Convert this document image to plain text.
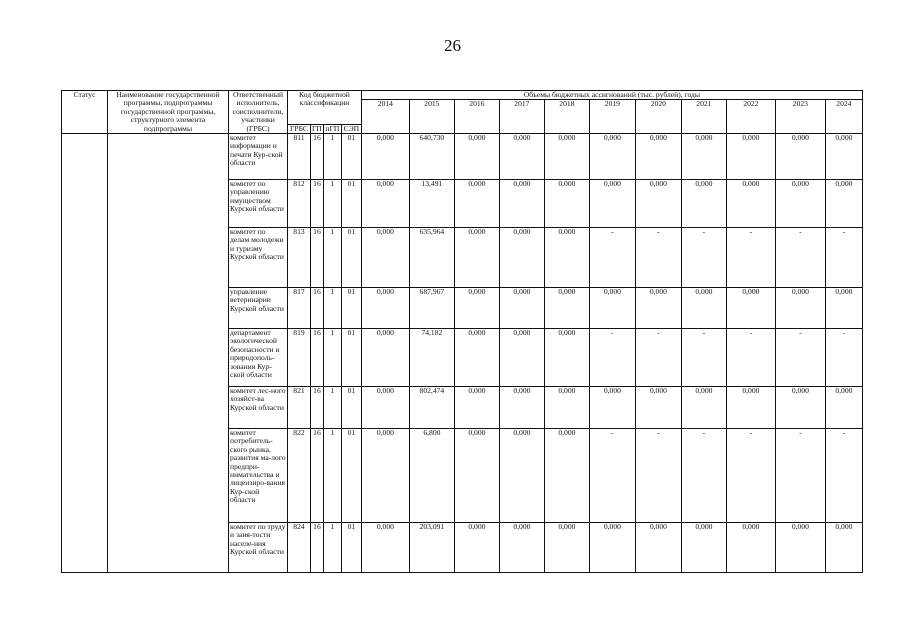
26
Статус	Наименование государственной программы, подпрограммы государственной программы, структурного элемента подпрограммы	Ответственный исполнитель, соисполнители, участники (ГРБС)	Код бюджетной классификации				Объемы бюджетных ассигнований (тыс. рублей), годы										
							2014	2015	2016	2017	2018	2019	2020	2021	2022	2023	2024
			ГРБС	ГП	пГП	СЭП											
		комитет информации и печати Кур-ской области	811	16	1	01	0,000	640,730	0,000	0,000	0,000	0,000	0,000	0,000	0,000	0,000	0,000
		комитет по управлению имуществом Курской области	812	16	1	01	0,000	13,491	0,000	0,000	0,000	0,000	0,000	0,000	0,000	0,000	0,000
		комитет по делам молодежи и туризму Курской области	813	16	1	01	0,000	635,964	0,000	0,000	0,000	-	-	-	-	-	-
		управление ветеринарии Курской области	817	16	1	01	0,000	687,967	0,000	0,000	0,000	0,000	0,000	0,000	0,000	0,000	0,000
		департамент экологической безопасности и природополь-зования Кур-ской области	819	16	1	01	0,000	74,182	0,000	0,000	0,000	-	-	-	-	-	-
		комитет лес-ного хозяйст-ва Курской области	821	16	1	01	0,000	802,474	0,000	0,000	0,000	0,000	0,000	0,000	0,000	0,000	0,000
		комитет потребитель-ского рынка, развития ма-лого предпри-нимательства и лицензиро-вания Кур-ской области	822	16	1	01	0,000	6,800	0,000	0,000	0,000	-	-	-	-	-	-
		комитет по труду и заня-тости населе-ния Курской области	824	16	1	01	0,000	203,091	0,000	0,000	0,000	0,000	0,000	0,000	0,000	0,000	0,000
